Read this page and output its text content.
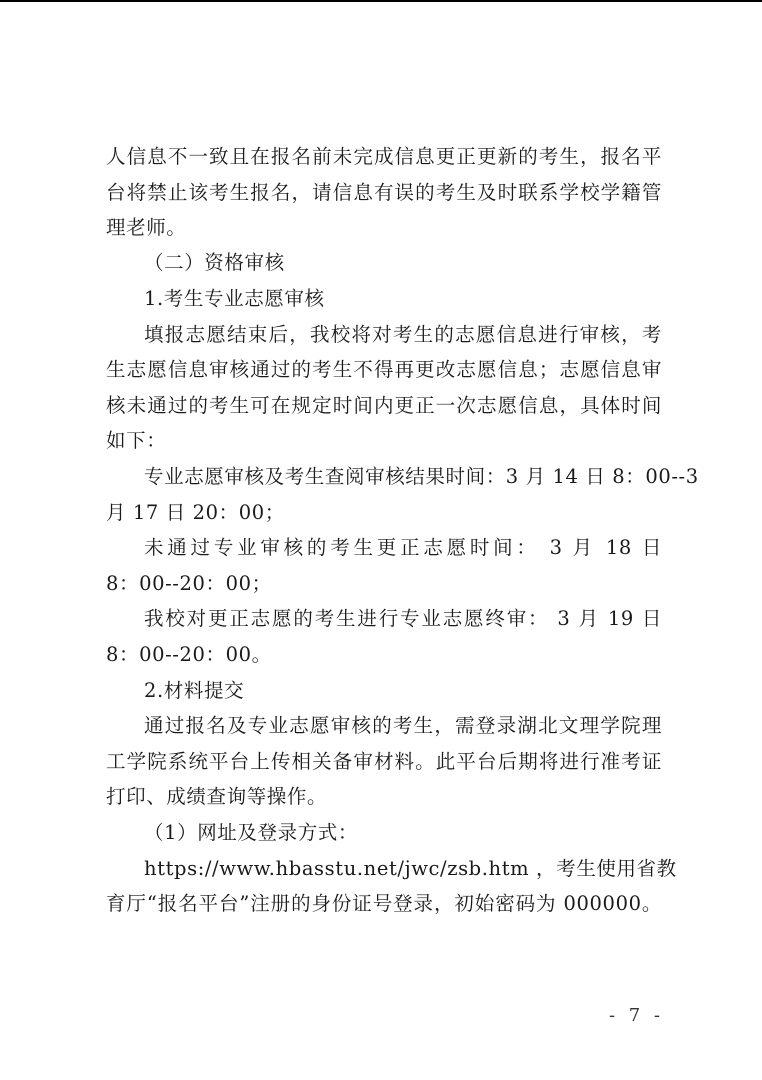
人信息不一致且在报名前未完成信息更正更新的考生，报名平
台将禁止该考生报名，请信息有误的考生及时联系学校学籍管
理老师。
（二）资格审核
1.考生专业志愿审核
填报志愿结束后，我校将对考生的志愿信息进行审核，考
生志愿信息审核通过的考生不得再更改志愿信息；志愿信息审
核未通过的考生可在规定时间内更正一次志愿信息，具体时间
如下：
专业志愿审核及考生查阅审核结果时间：3 月 14 日 8：00--3
月 17 日 20：00；
未通过专业审核的考生更正志愿时间： 3 月 18 日
8：00--20：00；
我校对更正志愿的考生进行专业志愿终审： 3 月 19 日
8：00--20：00。
2.材料提交
通过报名及专业志愿审核的考生，需登录湖北文理学院理
工学院系统平台上传相关备审材料。此平台后期将进行准考证
打印、成绩查询等操作。
（1）网址及登录方式：
https://www.hbasstu.net/jwc/zsb.htm ，考生使用省教
育厅“报名平台”注册的身份证号登录，初始密码为 000000。
- 7 -
